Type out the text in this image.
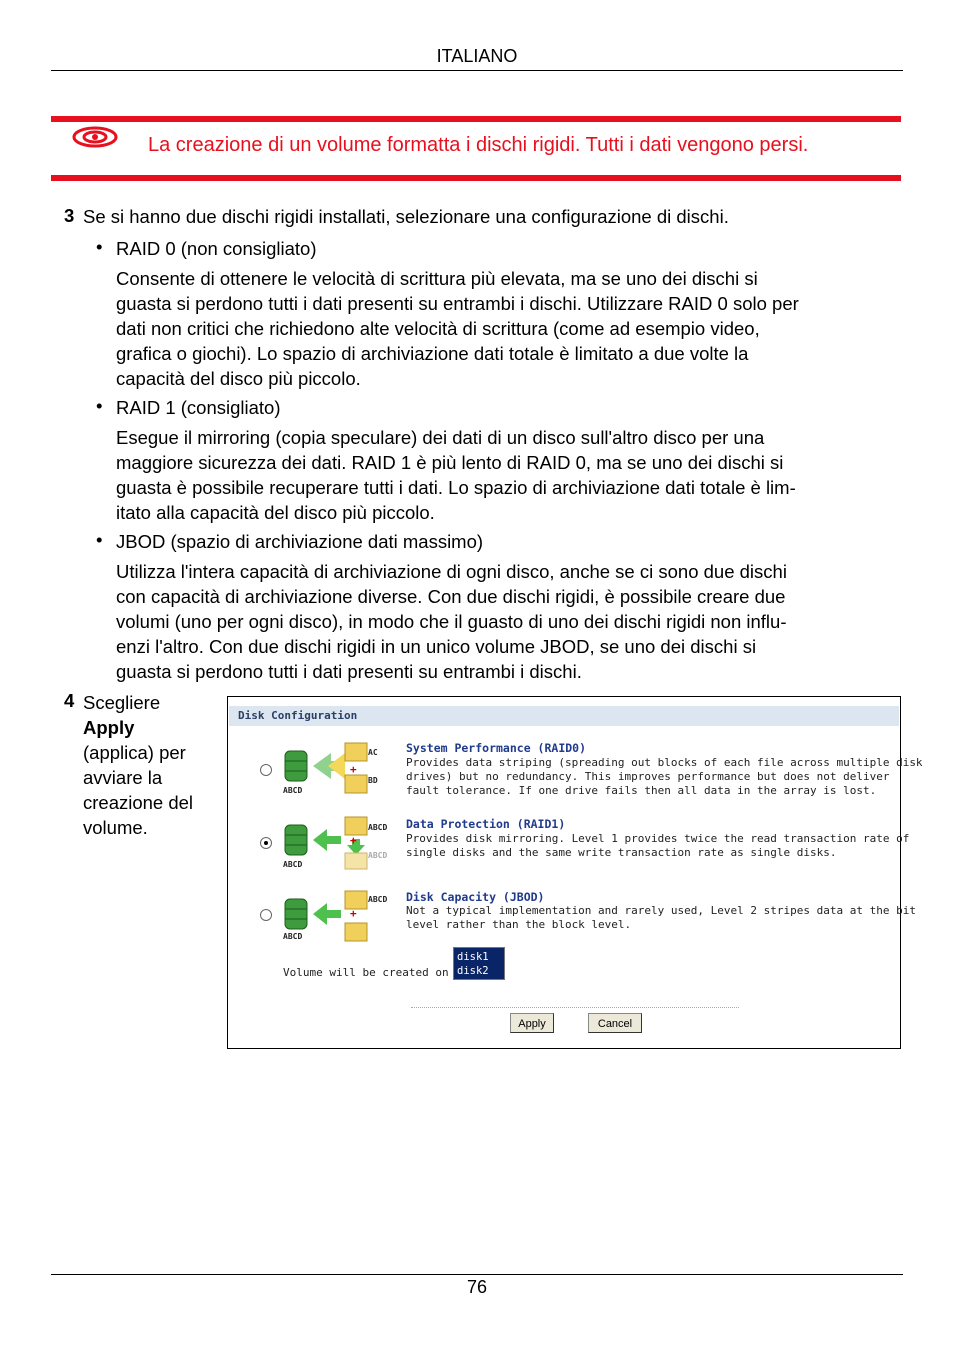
ITALIANO
La creazione di un volume formatta i dischi rigidi. Tutti i dati vengono persi.
3 Se si hanno due dischi rigidi installati, selezionare una configurazione di dischi.
• RAID 0 (non consigliato)
Consente di ottenere le velocità di scrittura più elevata, ma se uno dei dischi si
guasta si perdono tutti i dati presenti su entrambi i dischi. Utilizzare RAID 0 solo per
dati non critici che richiedono alte velocità di scrittura (come ad esempio video,
grafica o giochi). Lo spazio di archiviazione dati totale è limitato a due volte la
capacità del disco più piccolo.
• RAID 1 (consigliato)
Esegue il mirroring (copia speculare) dei dati di un disco sull'altro disco per una
maggiore sicurezza dei dati. RAID 1 è più lento di RAID 0, ma se uno dei dischi si
guasta è possibile recuperare tutti i dati. Lo spazio di archiviazione dati totale è lim-
itato alla capacità del disco più piccolo.
• JBOD (spazio di archiviazione dati massimo)
Utilizza l'intera capacità di archiviazione di ogni disco, anche se ci sono due dischi
con capacità di archiviazione diverse. Con due dischi rigidi, è possibile creare due
volumi (uno per ogni disco), in modo che il guasto di uno dei dischi rigidi non influ-
enzi l'altro. Con due dischi rigidi in un unico volume JBOD, se uno dei dischi si
guasta si perdono tutti i dati presenti su entrambi i dischi.
4 Scegliere
Apply
(applica) per
avviare la
creazione del
volume.
Disk Configuration
ABCD
AC
+
BD
System Performance (RAID0)
Provides data striping (spreading out blocks of each file across multiple disk
drives) but no redundancy. This improves performance but does not deliver
fault tolerance. If one drive fails then all data in the array is lost.
ABCD
ABCD
+
ABCD
Data Protection (RAID1)
Provides disk mirroring. Level 1 provides twice the read transaction rate of
single disks and the same write transaction rate as single disks.
ABCD
ABCD
+
Disk Capacity (JBOD)
Not a typical implementation and rarely used, Level 2 stripes data at the bit
level rather than the block level.
Volume will be created on
disk1
disk2
Apply	Cancel
76
